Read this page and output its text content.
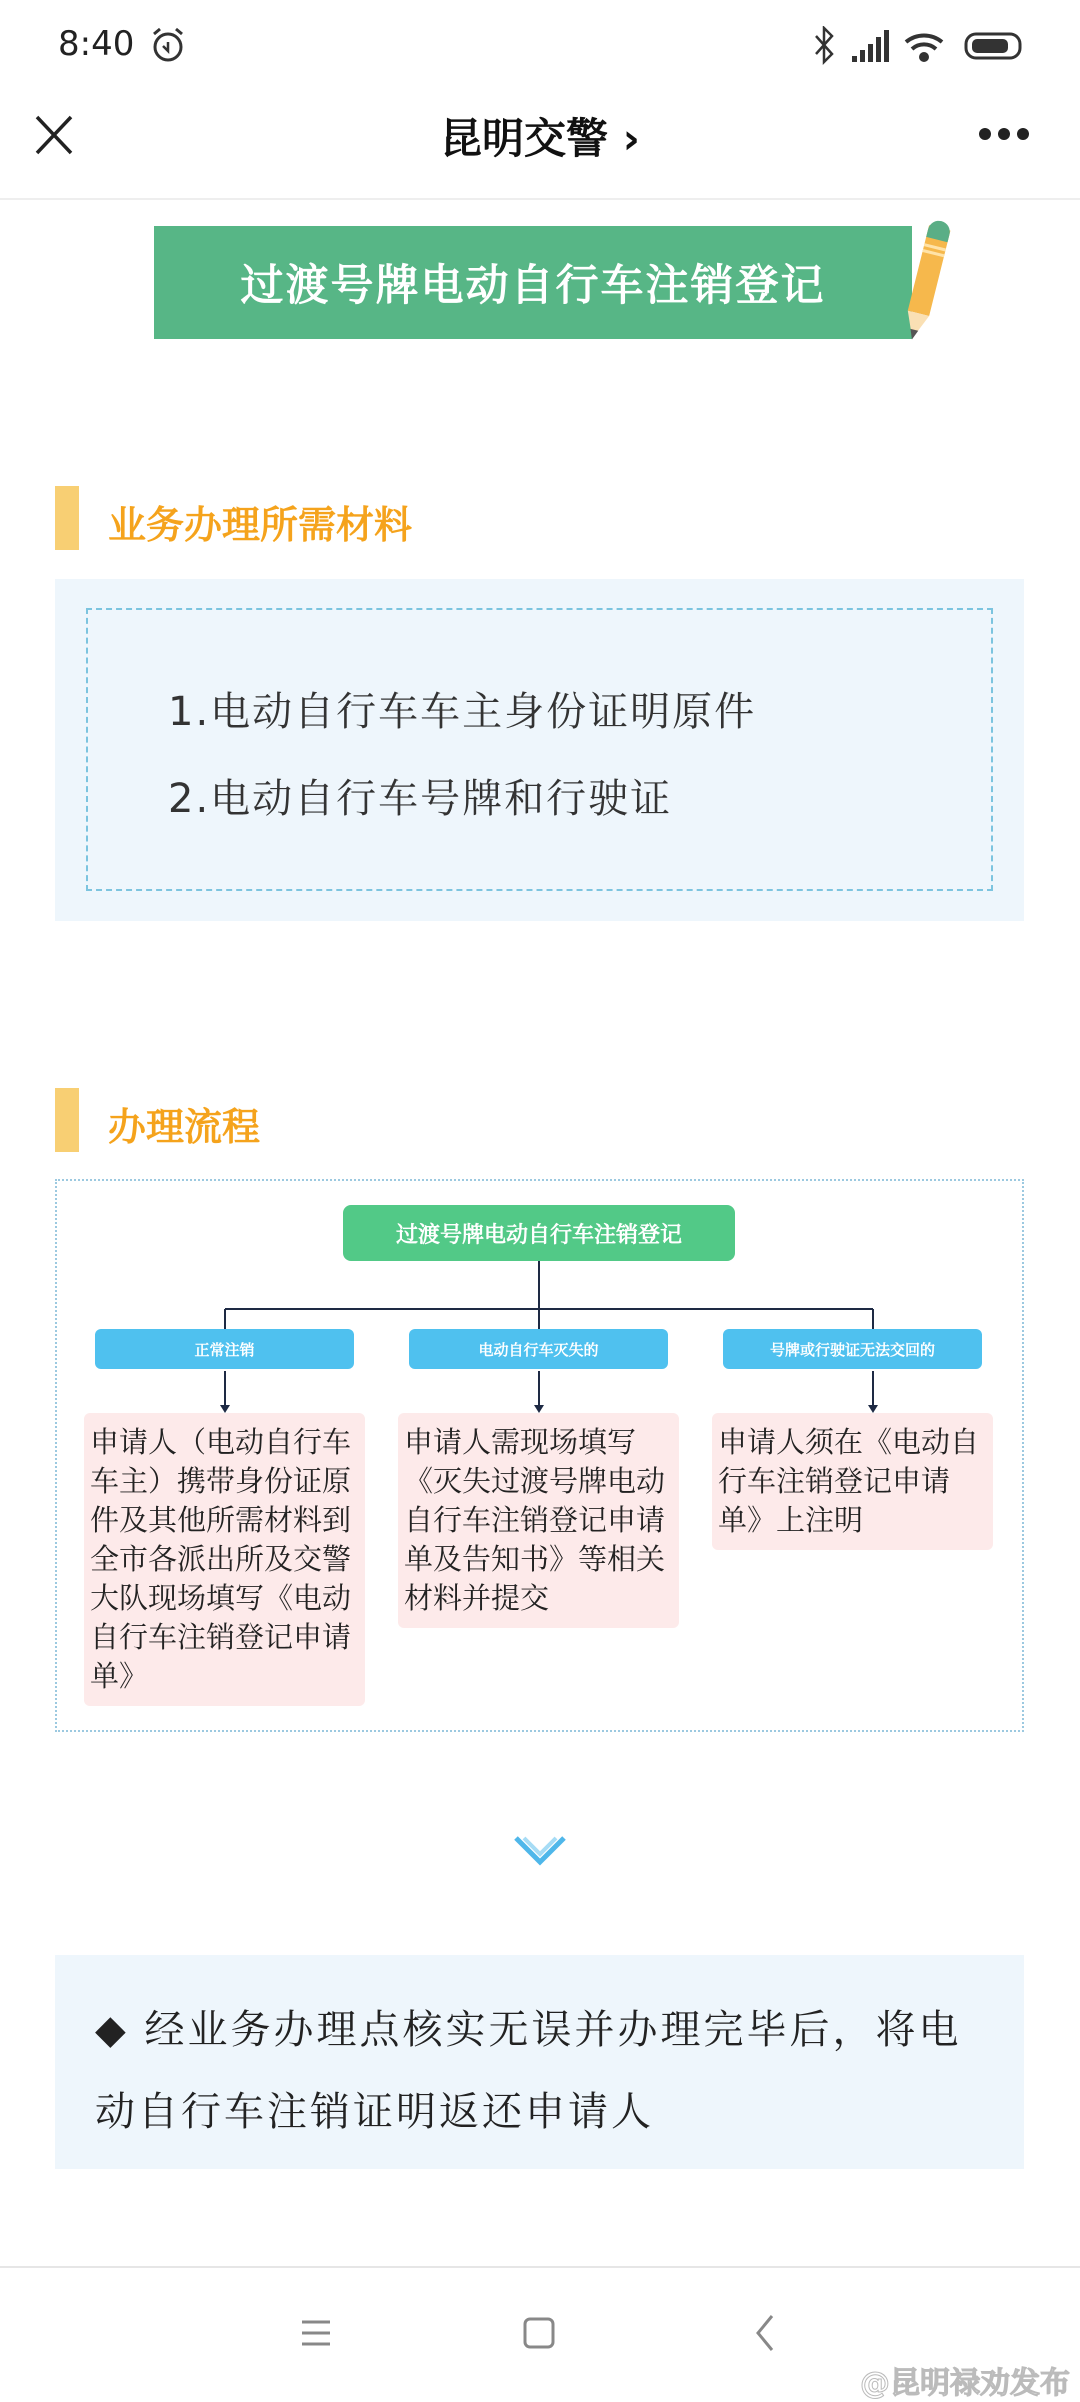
8:40
昆明交警 ›
过渡号牌电动自行车注销登记
业务办理所需材料
1.电动自行车车主身份证明原件
2.电动自行车号牌和行驶证
办理流程
过渡号牌电动自行车注销登记
正常注销	电动自行车灭失的	号牌或行驶证无法交回的
申请人（电动自行车车主）携带身份证原件及其他所需材料到全市各派出所及交警大队现场填写《电动自行车注销登记申请单》
申请人需现场填写《灭失过渡号牌电动自行车注销登记申请单及告知书》等相关材料并提交
申请人须在《电动自行车注销登记申请单》上注明
◆ 经业务办理点核实无误并办理完毕后，将电动自行车注销证明返还申请人
@昆明禄劝发布
